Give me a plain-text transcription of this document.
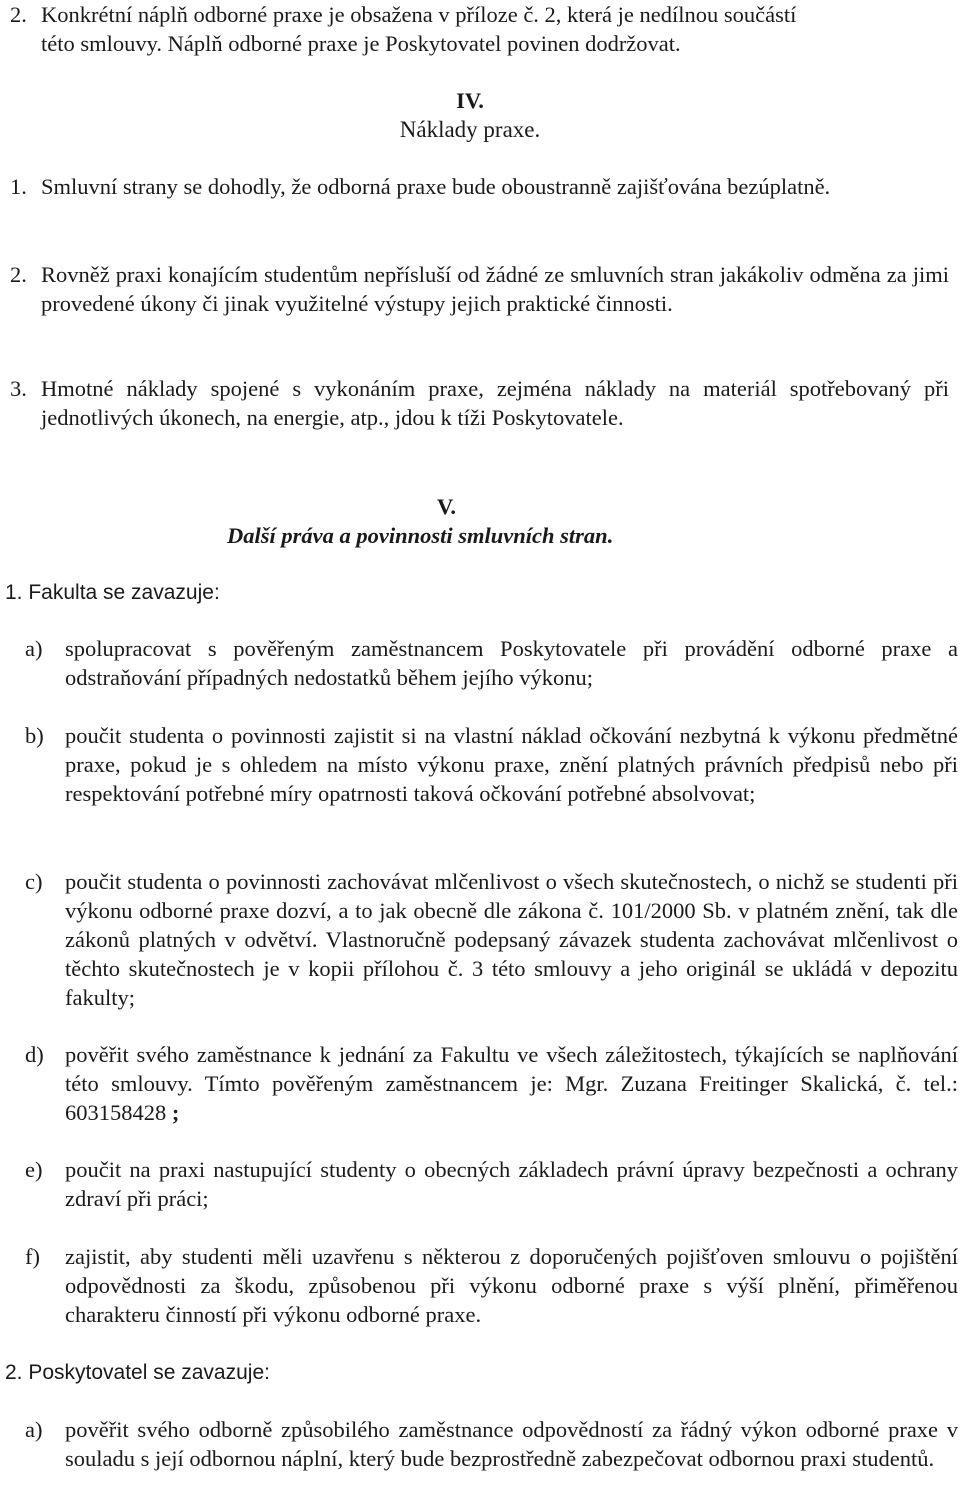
2. Konkrétní náplň odborné praxe je obsažena v příloze č. 2, která je nedílnou součástí
této smlouvy. Náplň odborné praxe je Poskytovatel povinen dodržovat.
IV.
Náklady praxe.
1. Smluvní strany se dohodly, že odborná praxe bude oboustranně zajišťována bezúplatně.
2. Rovněž praxi konajícím studentům nepřísluší od žádné ze smluvních stran jakákoliv odměna za jimi provedené úkony či jinak využitelné výstupy jejich praktické činnosti.
3. Hmotné náklady spojené s vykonáním praxe, zejména náklady na materiál spotřebovaný při jednotlivých úkonech, na energie, atp., jdou k tíži Poskytovatele.
V.
Další práva a povinnosti smluvních stran.
1. Fakulta se zavazuje:
a) spolupracovat s pověřeným zaměstnancem Poskytovatele při provádění odborné praxe a odstraňování případných nedostatků během jejího výkonu;
b) poučit studenta o povinnosti zajistit si na vlastní náklad očkování nezbytná k výkonu předmětné praxe, pokud je s ohledem na místo výkonu praxe, znění platných právních předpisů nebo při respektování potřebné míry opatrnosti taková očkování potřebné absolvovat;
c) poučit studenta o povinnosti zachovávat mlčenlivost o všech skutečnostech, o nichž se studenti při výkonu odborné praxe dozví, a to jak obecně dle zákona č. 101/2000 Sb. v platném znění, tak dle zákonů platných v odvětví. Vlastnoručně podepsaný závazek studenta zachovávat mlčenlivost o těchto skutečnostech je v kopii přílohou č. 3 této smlouvy a jeho originál se ukládá v depozitu fakulty;
d) pověřit svého zaměstnance k jednání za Fakultu ve všech záležitostech, týkajících se naplňování této smlouvy. Tímto pověřeným zaměstnancem je: Mgr. Zuzana Freitinger Skalická, č. tel.: 603158428 ;
e) poučit na praxi nastupující studenty o obecných základech právní úpravy bezpečnosti a ochrany zdraví při práci;
f) zajistit, aby studenti měli uzavřenu s některou z doporučených pojišťoven smlouvu o pojištění odpovědnosti za škodu, způsobenou při výkonu odborné praxe s výší plnění, přiměřenou charakteru činností při výkonu odborné praxe.
2. Poskytovatel se zavazuje:
a) pověřit svého odborně způsobilého zaměstnance odpovědností za řádný výkon odborné praxe v souladu s její odbornou náplní, který bude bezprostředně zabezpečovat odbornou praxi studentů.
